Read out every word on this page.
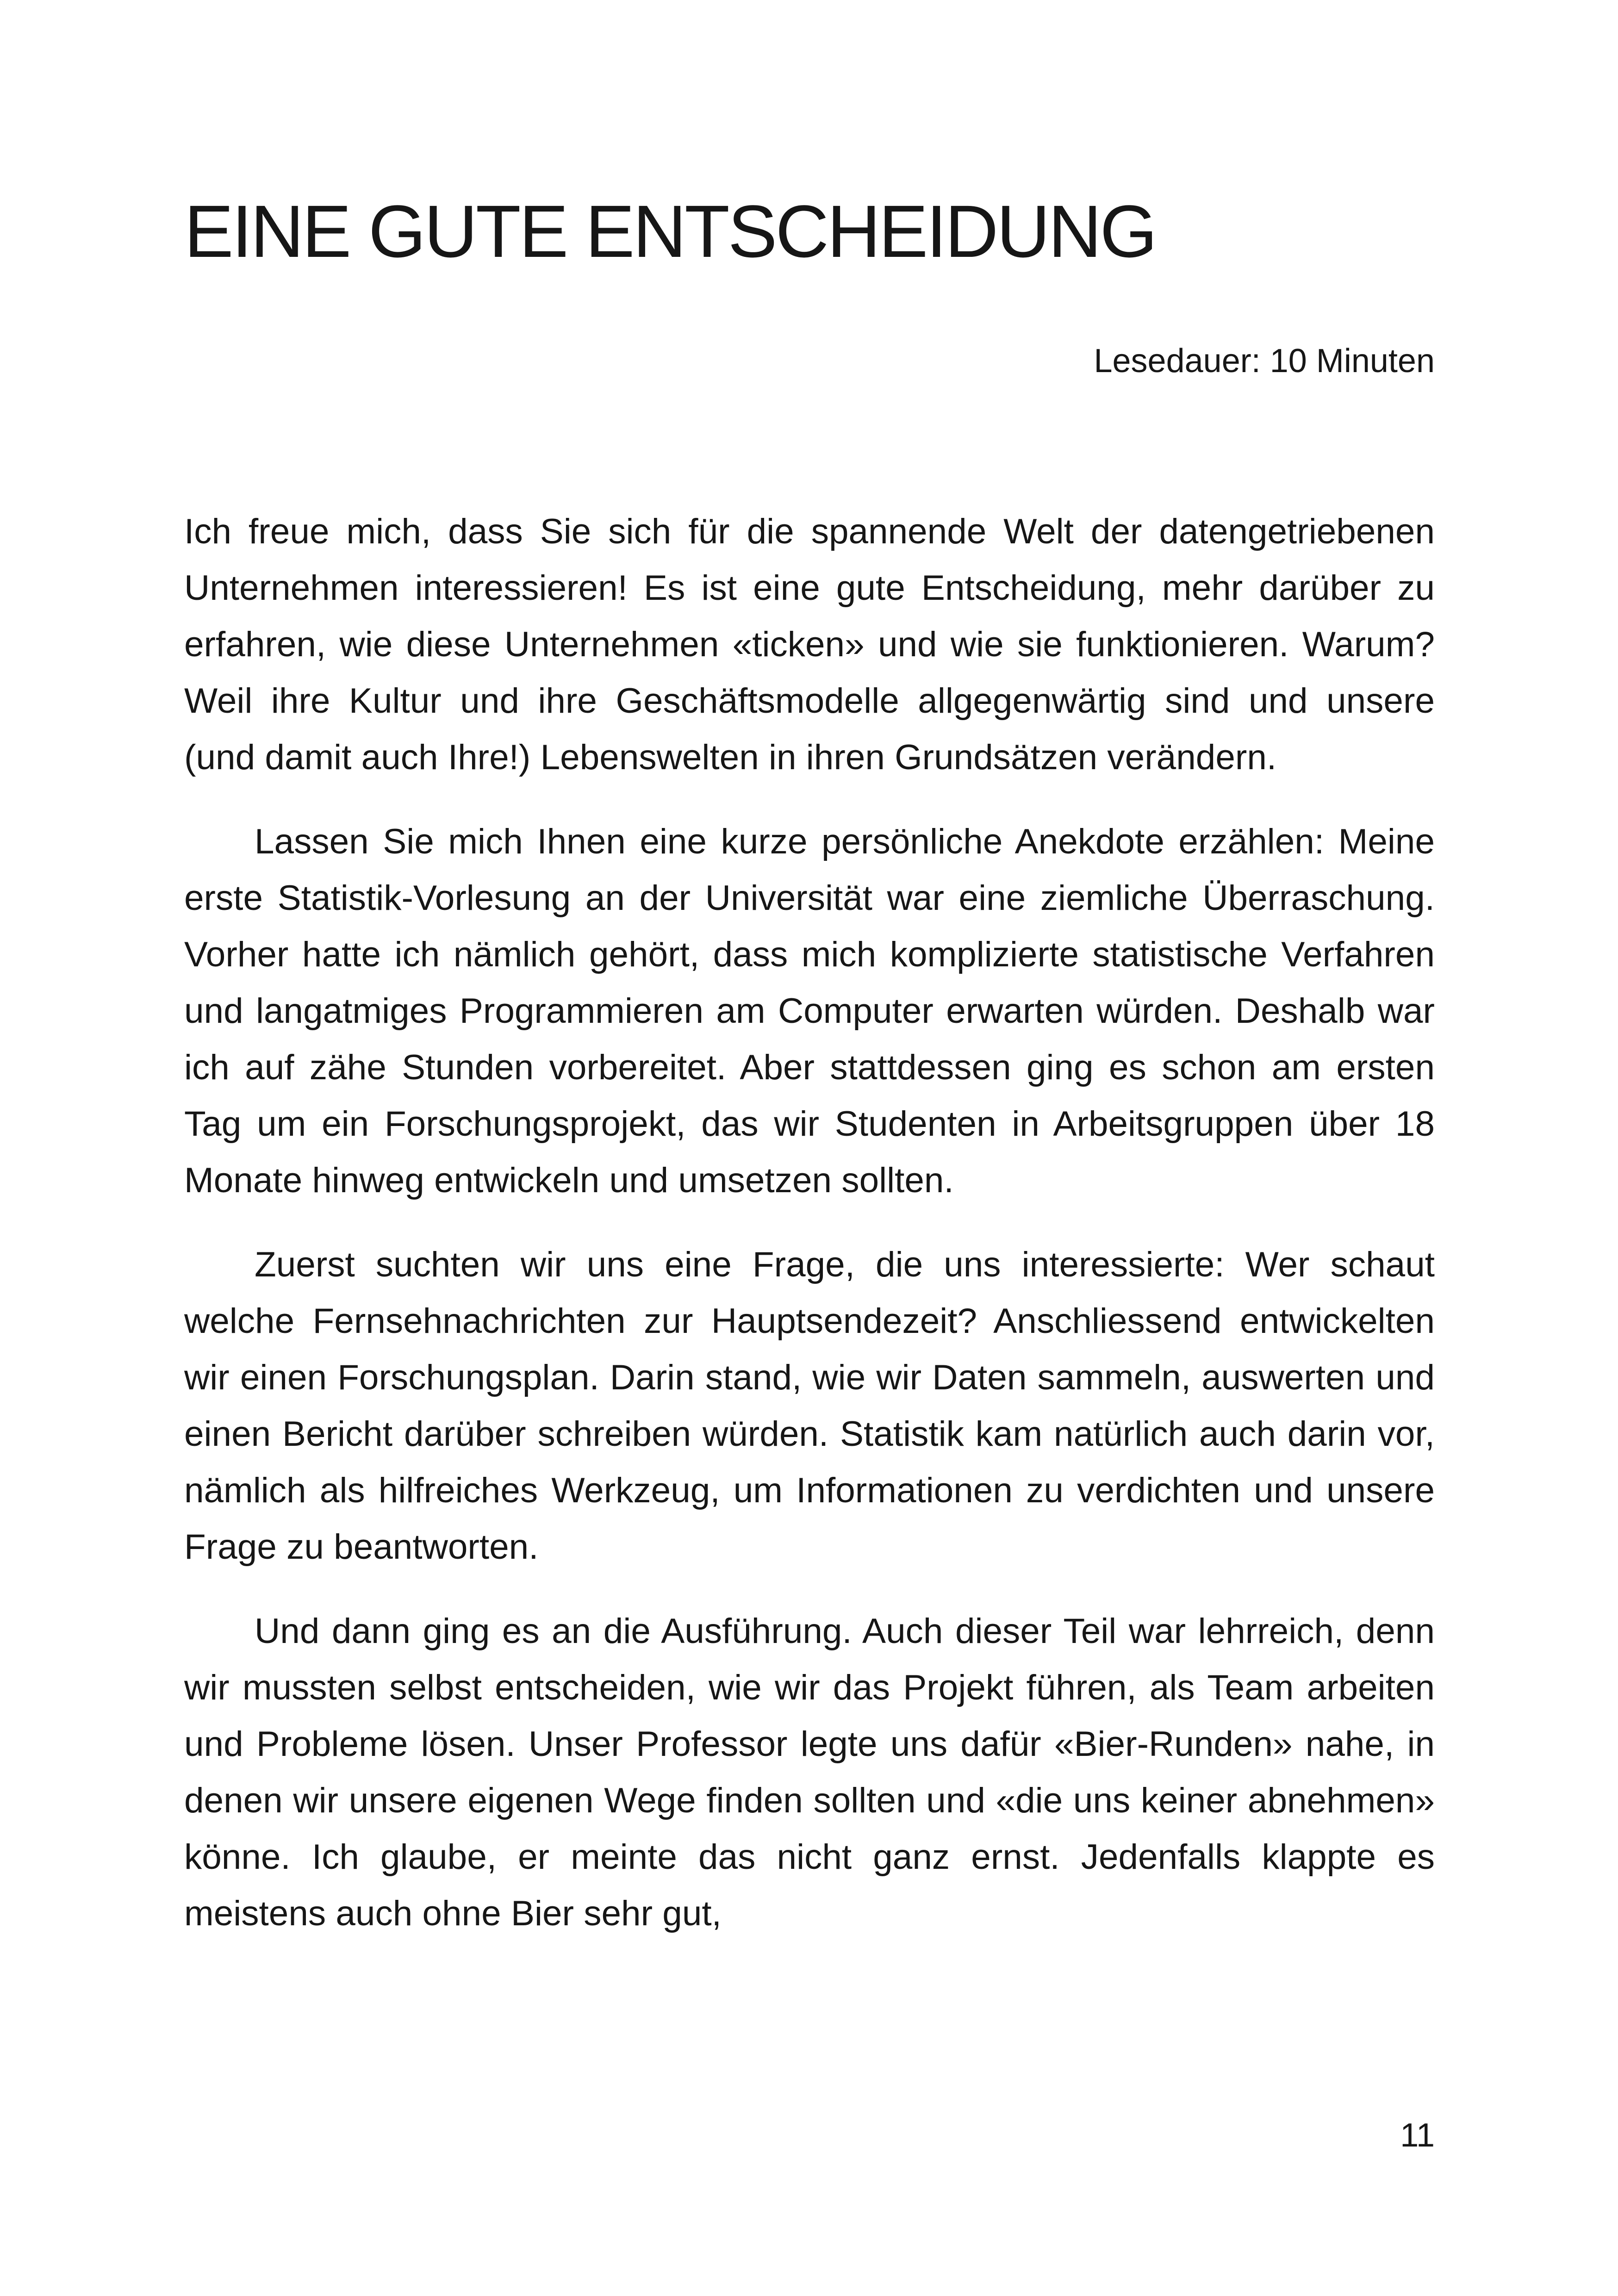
EINE GUTE ENTSCHEIDUNG
Lesedauer: 10 Minuten

Ich freue mich, dass Sie sich für die spannende Welt der datengetriebenen Unternehmen interessieren! Es ist eine gute Entscheidung, mehr darüber zu erfahren, wie diese Unternehmen «ticken» und wie sie funktionieren. Warum? Weil ihre Kultur und ihre Geschäftsmodelle allgegenwärtig sind und unsere (und damit auch Ihre!) Lebenswelten in ihren Grundsätzen verändern.

Lassen Sie mich Ihnen eine kurze persönliche Anekdote erzählen: Meine erste Statistik-Vorlesung an der Universität war eine ziemliche Überraschung. Vorher hatte ich nämlich gehört, dass mich komplizierte statistische Verfahren und langatmiges Programmieren am Computer erwarten würden. Deshalb war ich auf zähe Stunden vorbereitet. Aber stattdessen ging es schon am ersten Tag um ein Forschungsprojekt, das wir Studenten in Arbeitsgruppen über 18 Monate hinweg entwickeln und umsetzen sollten.

Zuerst suchten wir uns eine Frage, die uns interessierte: Wer schaut welche Fernsehnachrichten zur Hauptsendezeit? Anschliessend entwickelten wir einen Forschungsplan. Darin stand, wie wir Daten sammeln, auswerten und einen Bericht darüber schreiben würden. Statistik kam natürlich auch darin vor, nämlich als hilfreiches Werkzeug, um Informationen zu verdichten und unsere Frage zu beantworten.

Und dann ging es an die Ausführung. Auch dieser Teil war lehrreich, denn wir mussten selbst entscheiden, wie wir das Projekt führen, als Team arbeiten und Probleme lösen. Unser Professor legte uns dafür «Bier-Runden» nahe, in denen wir unsere eigenen Wege finden sollten und «die uns keiner abnehmen» könne. Ich glaube, er meinte das nicht ganz ernst. Jedenfalls klappte es meistens auch ohne Bier sehr gut,

11
